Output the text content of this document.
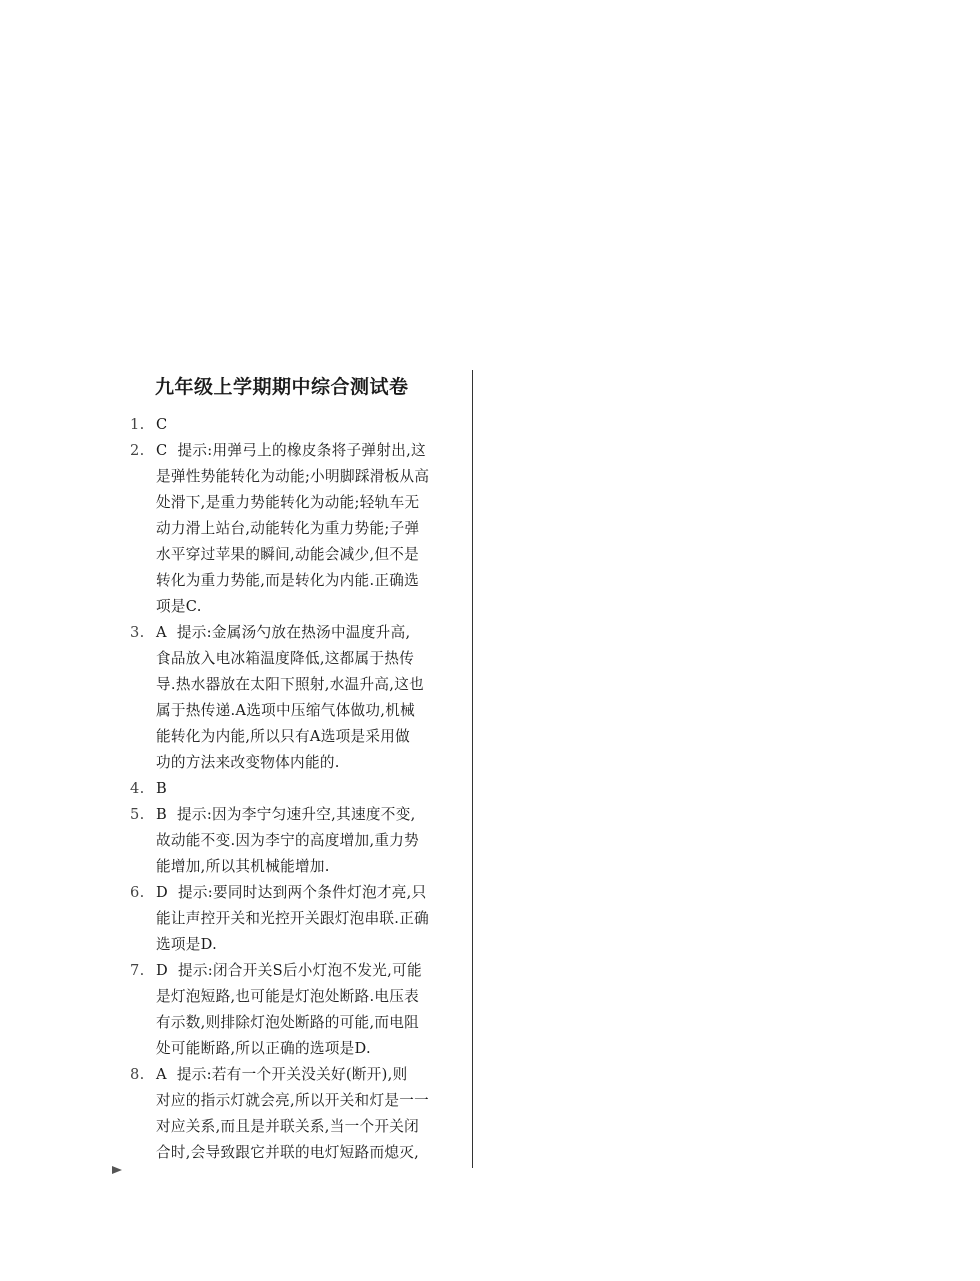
九年级上学期期中综合测试卷
1. C
2. C 提示:用弹弓上的橡皮条将子弹射出,这
是弹性势能转化为动能;小明脚踩滑板从高
处滑下,是重力势能转化为动能;轻轨车无
动力滑上站台,动能转化为重力势能;子弹
水平穿过苹果的瞬间,动能会减少,但不是
转化为重力势能,而是转化为内能.正确选
项是C.
3. A 提示:金属汤勺放在热汤中温度升高,
食品放入电冰箱温度降低,这都属于热传
导.热水器放在太阳下照射,水温升高,这也
属于热传递.A选项中压缩气体做功,机械
能转化为内能,所以只有A选项是采用做
功的方法来改变物体内能的.
4. B
5. B 提示:因为李宁匀速升空,其速度不变,
故动能不变.因为李宁的高度增加,重力势
能增加,所以其机械能增加.
6. D 提示:要同时达到两个条件灯泡才亮,只
能让声控开关和光控开关跟灯泡串联.正确
选项是D.
7. D 提示:闭合开关S后小灯泡不发光,可能
是灯泡短路,也可能是灯泡处断路.电压表
有示数,则排除灯泡处断路的可能,而电阻
处可能断路,所以正确的选项是D.
8. A 提示:若有一个开关没关好(断开),则
对应的指示灯就会亮,所以开关和灯是一一
对应关系,而且是并联关系,当一个开关闭
合时,会导致跟它并联的电灯短路而熄灭,
